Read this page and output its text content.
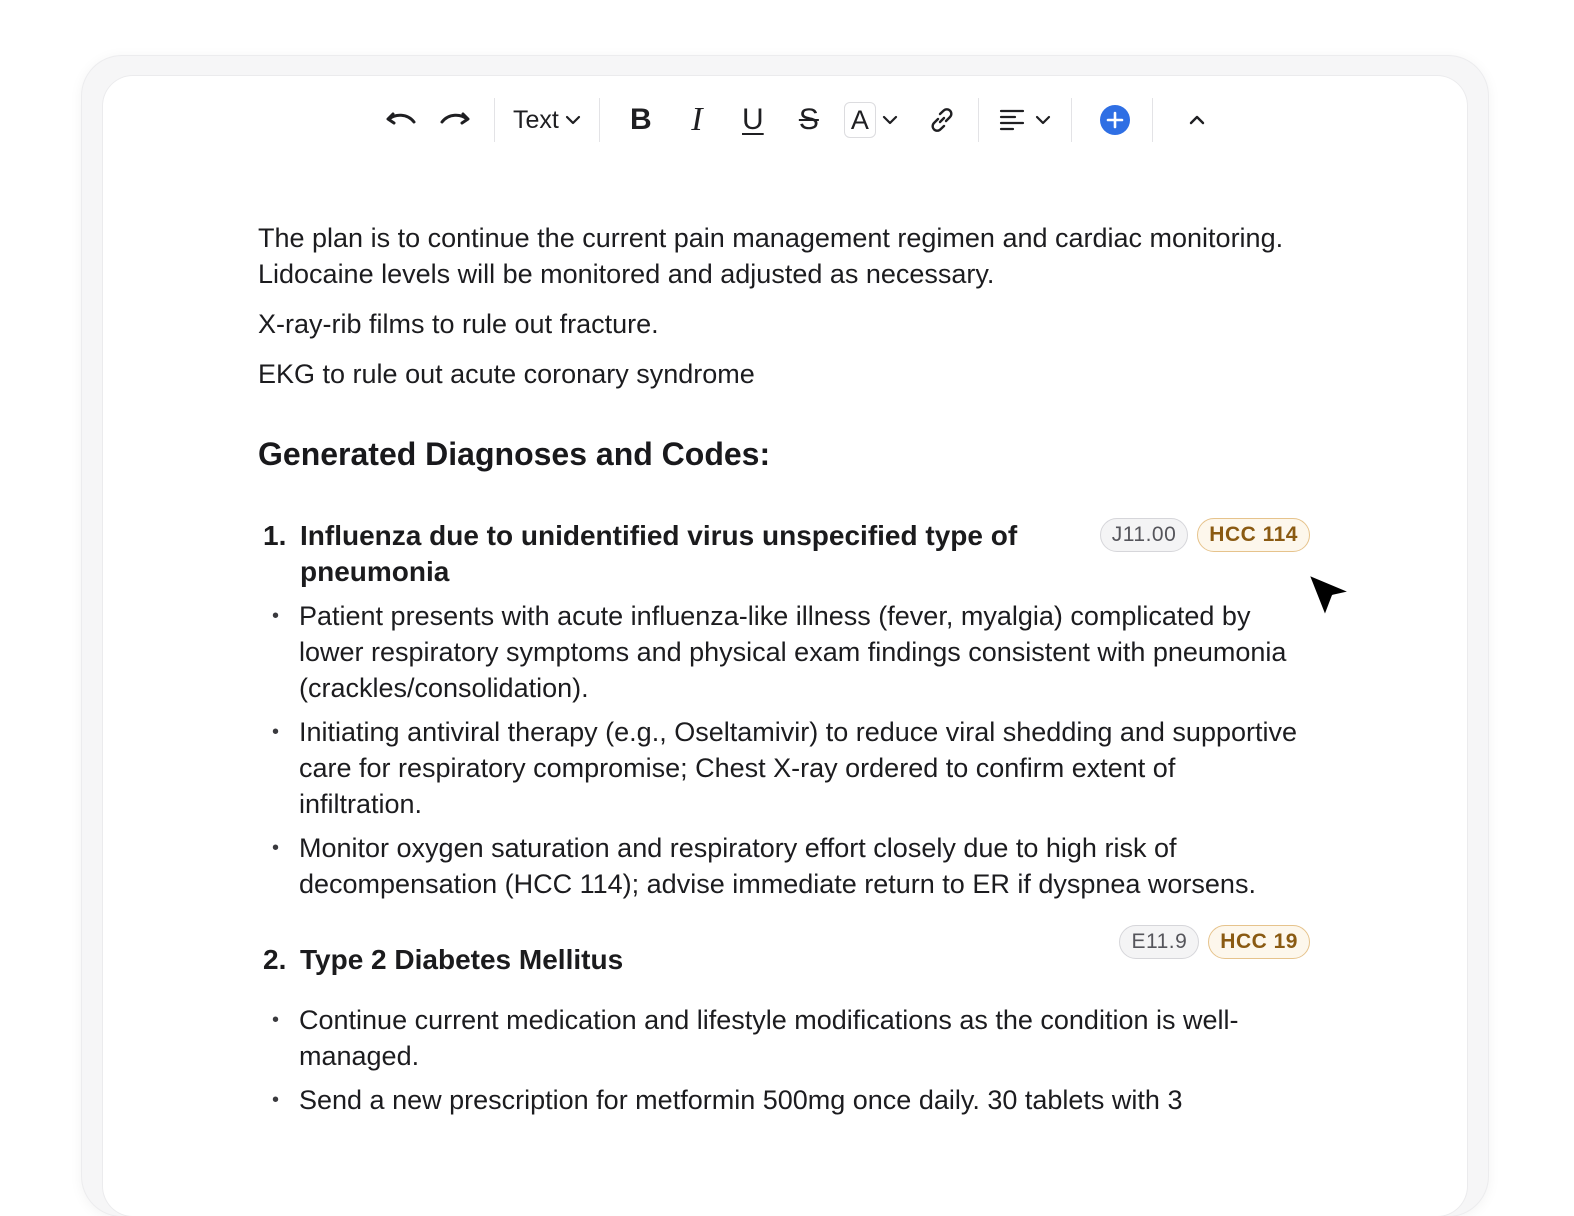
Text	B	I	U	S	A

The plan is to continue the current pain management regimen and cardiac monitoring. Lidocaine levels will be monitored and adjusted as necessary.

X-ray-rib films to rule out fracture.

EKG to rule out acute coronary syndrome

Generated Diagnoses and Codes:
1. Influenza due to unidentified virus unspecified type of pneumonia
J11.00	HCC 114
• Patient presents with acute influenza-like illness (fever, myalgia) complicated by lower respiratory symptoms and physical exam findings consistent with pneumonia (crackles/consolidation).
• Initiating antiviral therapy (e.g., Oseltamivir) to reduce viral shedding and supportive care for respiratory compromise; Chest X-ray ordered to confirm extent of infiltration.
• Monitor oxygen saturation and respiratory effort closely due to high risk of decompensation (HCC 114); advise immediate return to ER if dyspnea worsens.
2. Type 2 Diabetes Mellitus
E11.9	HCC 19
• Continue current medication and lifestyle modifications as the condition is well-managed.
• Send a new prescription for metformin 500mg once daily. 30 tablets with 3
